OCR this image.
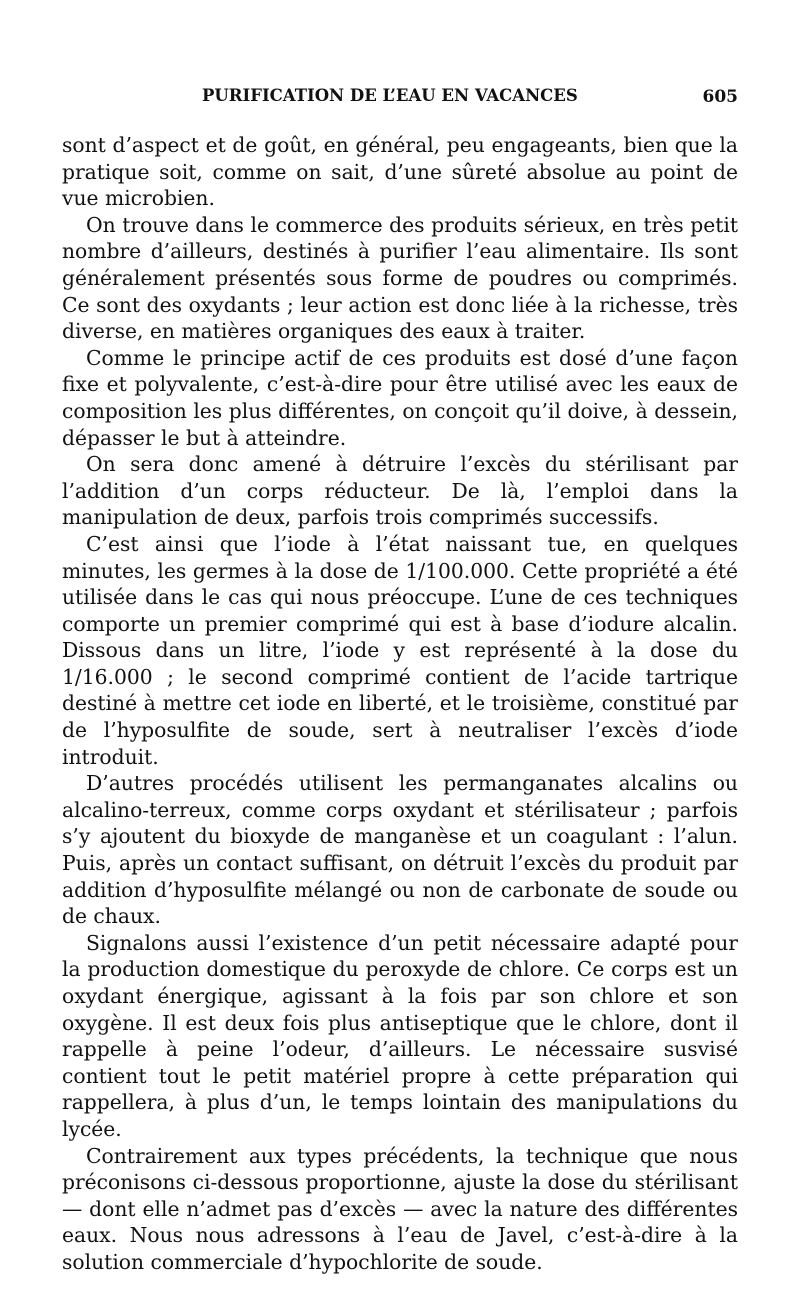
PURIFICATION DE L’EAU EN VACANCES	605

sont d’aspect et de goût, en général, peu engageants, bien que la pratique soit, comme on sait, d’une sûreté absolue au point de vue microbien.

On trouve dans le commerce des produits sérieux, en très petit nombre d’ailleurs, destinés à purifier l’eau alimentaire. Ils sont généralement présentés sous forme de poudres ou comprimés. Ce sont des oxydants ; leur action est donc liée à la richesse, très diverse, en matières organiques des eaux à traiter.

Comme le principe actif de ces produits est dosé d’une façon fixe et polyvalente, c’est-à-dire pour être utilisé avec les eaux de composition les plus différentes, on conçoit qu’il doive, à dessein, dépasser le but à atteindre.

On sera donc amené à détruire l’excès du stérilisant par l’addition d’un corps réducteur. De là, l’emploi dans la manipulation de deux, parfois trois comprimés successifs.

C’est ainsi que l’iode à l’état naissant tue, en quelques minutes, les germes à la dose de 1/100.000. Cette propriété a été utilisée dans le cas qui nous préoccupe. L’une de ces techniques comporte un premier comprimé qui est à base d’iodure alcalin. Dissous dans un litre, l’iode y est représenté à la dose du 1/16.000 ; le second comprimé contient de l’acide tartrique destiné à mettre cet iode en liberté, et le troisième, constitué par de l’hyposulfite de soude, sert à neutraliser l’excès d’iode introduit.

D’autres procédés utilisent les permanganates alcalins ou alcalino-terreux, comme corps oxydant et stérilisateur ; parfois s’y ajoutent du bioxyde de manganèse et un coagulant : l’alun. Puis, après un contact suffisant, on détruit l’excès du produit par addition d’hyposulfite mélangé ou non de carbonate de soude ou de chaux.

Signalons aussi l’existence d’un petit nécessaire adapté pour la production domestique du peroxyde de chlore. Ce corps est un oxydant énergique, agissant à la fois par son chlore et son oxygène. Il est deux fois plus antiseptique que le chlore, dont il rappelle à peine l’odeur, d’ailleurs. Le nécessaire susvisé contient tout le petit matériel propre à cette préparation qui rappellera, à plus d’un, le temps lointain des manipulations du lycée.

Contrairement aux types précédents, la technique que nous préconisons ci-dessous proportionne, ajuste la dose du stérilisant — dont elle n’admet pas d’excès — avec la nature des différentes eaux. Nous nous adressons à l’eau de Javel, c’est-à-dire à la solution commerciale d’hypochlorite de soude.
